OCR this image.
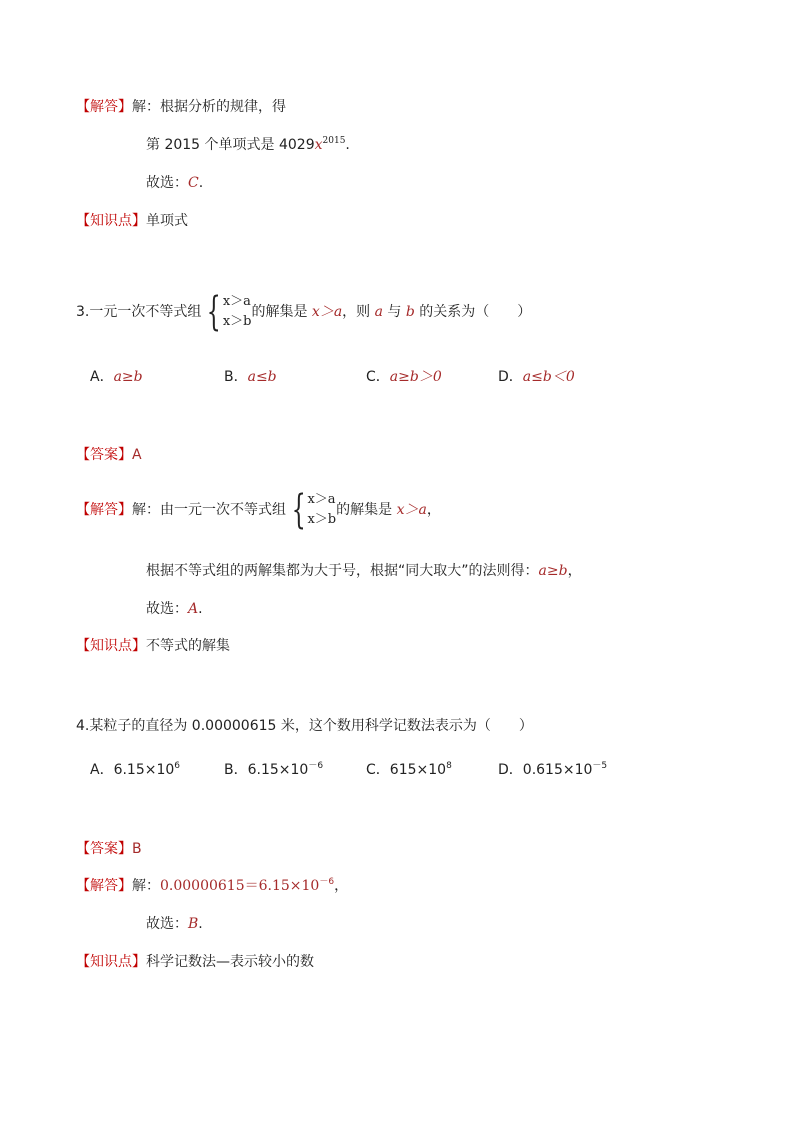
【解答】解：根据分析的规律，得
第 2015 个单项式是 $4029x^{2015}$.
故选：C.
【知识点】单项式
3.一元一次不等式组 { x＞a
x＞b
的解集是 x＞a，则 a 与 b 的关系为（　　）
A．a≥b	B．a≤b	C．a≥b＞0	D．a≤b＜0
【答案】A
【解答】解：由一元一次不等式组 { x＞a
x＞b
的解集是 x＞a，
根据不等式组的两解集都为大于号，根据“同大取大”的法则得：a≥b，
故选：A.
【知识点】不等式的解集
4.某粒子的直径为 0.00000615 米，这个数用科学记数法表示为（　　）
A．$6.15\times 10^6$	B．$6.15\times 10^{-6}$	C．$615\times 10^8$	D．$0.615\times 10^{-5}$
【答案】B
【解答】解：$0.00000615=6.15\times 10^{-6}$，
故选：B.
【知识点】科学记数法—表示较小的数
